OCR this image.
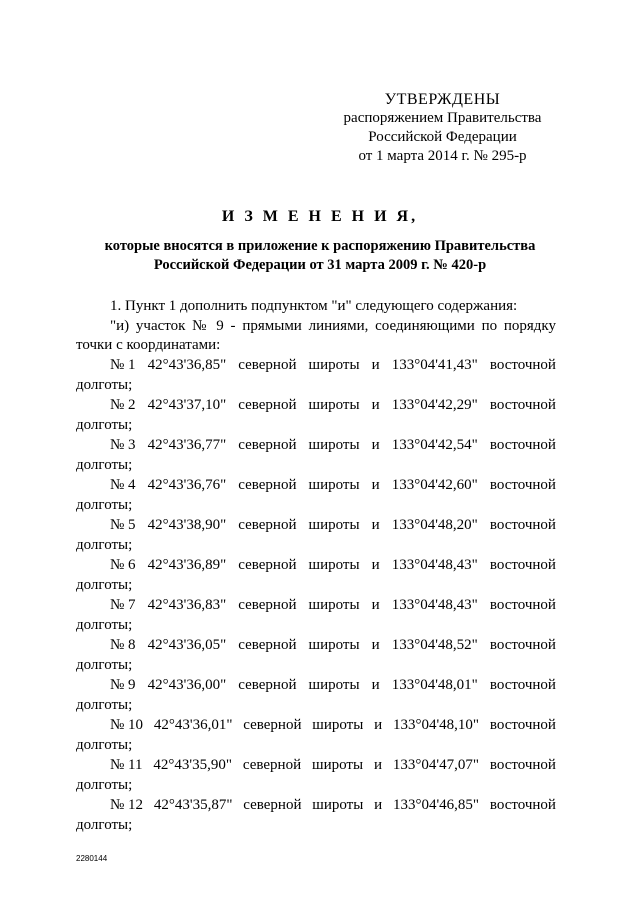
УТВЕРЖДЕНЫ
распоряжением Правительства
Российской Федерации
от 1 марта 2014 г. № 295-р
И З М Е Н Е Н И Я,
которые вносятся в приложение к распоряжению Правительства
Российской Федерации от 31 марта 2009 г. № 420-р
1. Пункт 1 дополнить подпунктом "и" следующего содержания:
"и) участок № 9 - прямыми линиями, соединяющими по порядку точки с координатами:
№ 1 42°43'36,85" северной широты и 133°04'41,43" восточной
долготы;
№ 2 42°43'37,10" северной широты и 133°04'42,29" восточной
долготы;
№ 3 42°43'36,77" северной широты и 133°04'42,54" восточной
долготы;
№ 4 42°43'36,76" северной широты и 133°04'42,60" восточной
долготы;
№ 5 42°43'38,90" северной широты и 133°04'48,20" восточной
долготы;
№ 6 42°43'36,89" северной широты и 133°04'48,43" восточной
долготы;
№ 7 42°43'36,83" северной широты и 133°04'48,43" восточной
долготы;
№ 8 42°43'36,05" северной широты и 133°04'48,52" восточной
долготы;
№ 9 42°43'36,00" северной широты и 133°04'48,01" восточной
долготы;
№ 10 42°43'36,01" северной широты и 133°04'48,10" восточной
долготы;
№ 11 42°43'35,90" северной широты и 133°04'47,07" восточной
долготы;
№ 12 42°43'35,87" северной широты и 133°04'46,85" восточной
долготы;
2280144
